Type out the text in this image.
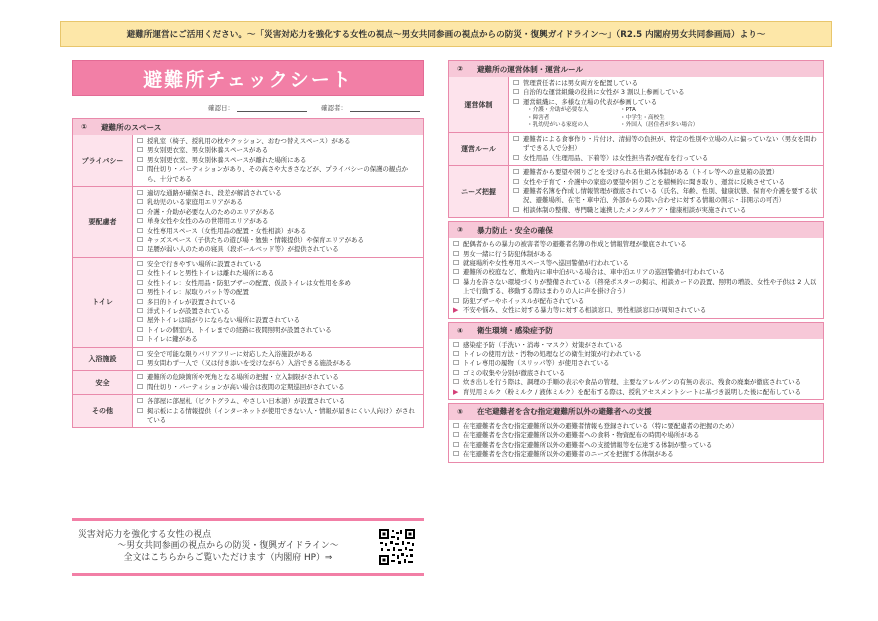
避難所運営にご活用ください。～「災害対応力を強化する女性の視点～男女共同参画の視点からの防災・復興ガイドライン～」（R2.5 内閣府男女共同参画局）より～
避難所チェックシート
確認日：	確認者：
① 避難所のスペース
プライバシー
☐ 授乳室（椅子、授乳用の枕やクッション、おむつ替えスペース）がある
☐ 男女別更衣室、男女別休養スペースがある
☐ 男女別更衣室、男女別休養スペースが離れた場所にある
☐ 間仕切り・パーティションがあり、その高さや大きさなどが、プライバシーの保護の観点から、十分である
要配慮者
☐ 適切な通路が確保され、段差が解消されている
☐ 乳幼児のいる家庭用エリアがある
☐ 介護・介助が必要な人のためのエリアがある
☐ 単身女性や女性のみの世帯用エリアがある
☐ 女性専用スペース（女性用品の配置・女性相談）がある
☐ キッズスペース（子供たちの遊び場・勉強・情報提供）や保育エリアがある
☐ 足腰が弱い人のための寝具（段ボールベッド等）が提供されている
トイレ
☐ 安全で行きやすい場所に設置されている
☐ 女性トイレと男性トイレは離れた場所にある
☐ 女性トイレ：女性用品・防犯ブザーの配置、仮設トイレは女性用を多め
☐ 男性トイレ：尿取りパット等の配置
☐ 多目的トイレが設置されている
☐ 洋式トイレが設置されている
☐ 屋外トイレは暗がりにならない場所に設置されている
☐ トイレの個室内、トイレまでの経路に夜間照明が設置されている
☐ トイレに鍵がある
入浴施設
☐ 安全で可能な限りバリアフリーに対応した入浴施設がある
☐ 男女問わず一人で（又は付き添いを受けながら）入浴できる施設がある
安全
☐ 避難所の危険箇所や死角となる場所の把握・立入制限がされている
☐ 間仕切り・パーティションが高い場合は夜間の定期巡回がされている
その他
☐ 各部屋に部屋札（ピクトグラム、やさしい日本語）が設置されている
☐ 掲示板による情報提供（インターネットが使用できない人・情報が届きにくい人向け）がされている
災害対応力を強化する女性の視点
～男女共同参画の視点からの防災・復興ガイドライン～
全文はこちらからご覧いただけます（内閣府 HP）⇒
② 避難所の運営体制・運営ルール
運営体制
☐ 管理責任者には男女両方を配置している
☐ 自治的な運営組織の役員に女性が 3 割以上参画している
☐ 運営組織に、多様な立場の代表が参画している
・介護・介助が必要な人	・PTA
・障害者	・中学生・高校生
・乳幼児がいる家庭の人	・外国人（居住者が多い場合）
運営ルール
☐ 避難者による食事作り・片付け、清掃等の負担が、特定の性別や立場の人に偏っていない（男女を問わずできる人で分担）
☐ 女性用品（生理用品、下着等）は女性担当者が配布を行っている
ニーズ把握
☐ 避難者から要望や困りごとを受けられる仕組み体制がある（トイレ等への意見箱の設置）
☐ 女性や子育て・介護中の家庭の要望や困りごとを積極的に聞き取り、運営に反映させている
☐ 避難者名簿を作成し情報管理が徹底されている（氏名、年齢、性別、健康状態、保育や介護を要する状況、避難場所、在宅・車中泊、外部からの問い合わせに対する情報の開示・非開示の可否）
☐ 相談体制の整備、専門職と連携したメンタルケア・健康相談が実施されている
③ 暴力防止・安全の確保
☐ 配偶者からの暴力の被害者等の避難者名簿の作成と情報管理が徹底されている
☐ 男女一緒に行う防犯体制がある
☐ 就寝場所や女性専用スペース等へ巡回警備が行われている
☐ 避難所の校庭など、敷地内に車中泊がいる場合は、車中泊エリアの巡回警備が行われている
☐ 暴力を許さない環境づくりが整備されている（啓発ポスターの掲示、相談カードの設置、照明の増設、女性や子供は 2 人以上で行動する、移動する際はまわりの人に声を掛け合う）
☐ 防犯ブザーやホイッスルが配布されている
▶ 不安や悩み、女性に対する暴力等に対する相談窓口、男性相談窓口が周知されている
④ 衛生環境・感染症予防
☐ 感染症予防（手洗い・消毒・マスク）対策がされている
☐ トイレの使用方法・汚物の処理などの衛生対策が行われている
☐ トイレ専用の履物（スリッパ等）が使用されている
☐ ゴミの収集や分別が徹底されている
☐ 炊き出しを行う際は、調理の手順の表示や食品の管理、主要なアレルゲンの有無の表示、残食の廃棄が徹底されている
▶ 育児用ミルク（粉ミルク / 液体ミルク）を配布する際は、授乳アセスメントシートに基づき説明した後に配布している
⑤ 在宅避難者を含む指定避難所以外の避難者への支援
☐ 在宅避難者を含む指定避難所以外の避難者情報も登録されている（特に要配慮者の把握のため）
☐ 在宅避難者を含む指定避難所以外の避難者への食料・物資配布の時間や場所がある
☐ 在宅避難者を含む指定避難所以外の避難者への支援情報等を伝達する体制が整っている
☐ 在宅避難者を含む指定避難所以外の避難者のニーズを把握する体制がある
